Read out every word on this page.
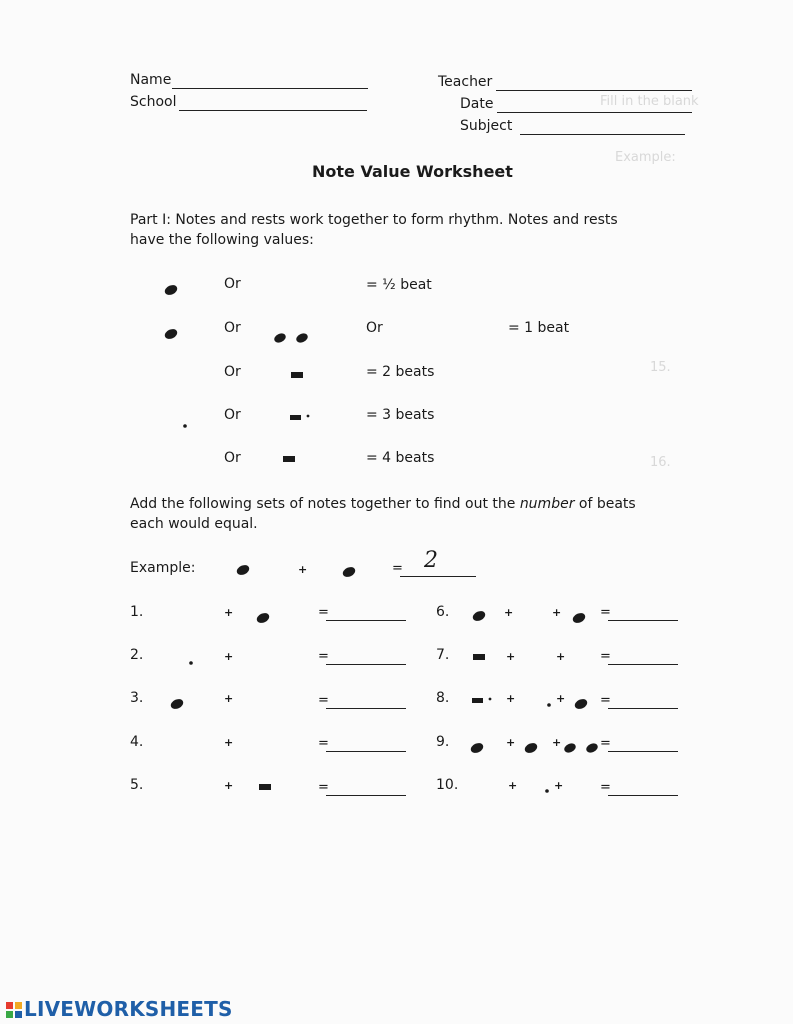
Fill in the blank
Example:
15.
16.
Name
School
Teacher
Date
Subject
Note Value Worksheet
Part I: Notes and rests work together to form rhythm. Notes and rests
have the following values:
Or	= ½ beat
Or	Or	= 1 beat
Or	= 2 beats
Or	= 3 beats
Or	= 4 beats
Add the following sets of notes together to find out the number of beats
each would equal.
Example:	+	= 2
1.	+	=
2.	+	=
3.	+	=
4.	+	=
5.	+	=
6.	+	+	=
7.	+	+	=
8.	+	+	=
9.	+	+	=
10.	+	+	=
LIVEWORKSHEETS
